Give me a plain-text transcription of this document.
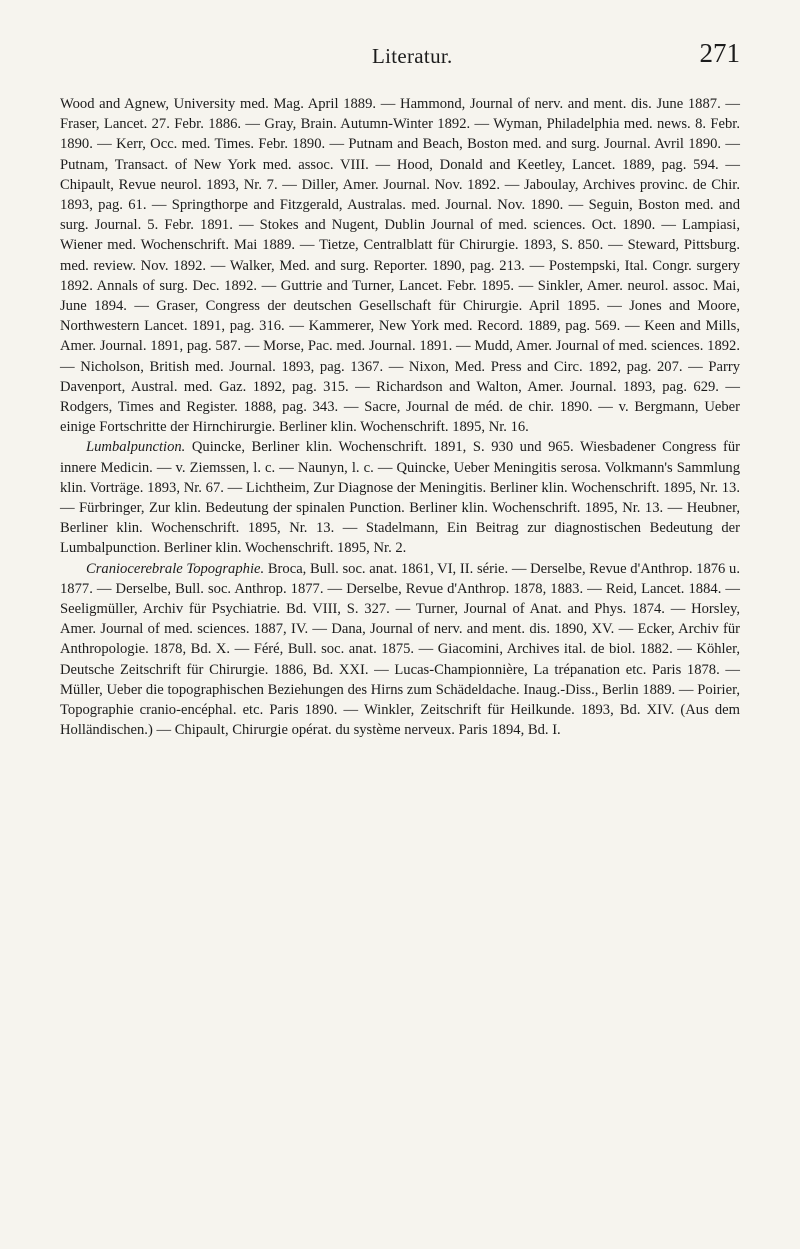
Literatur.	271

Wood and Agnew, University med. Mag. April 1889. — Hammond, Journal of nerv. and ment. dis. June 1887. — Fraser, Lancet. 27. Febr. 1886. — Gray, Brain. Autumn-Winter 1892. — Wyman, Philadelphia med. news. 8. Febr. 1890. — Kerr, Occ. med. Times. Febr. 1890. — Putnam and Beach, Boston med. and surg. Journal. Avril 1890. — Putnam, Transact. of New York med. assoc. VIII. — Hood, Donald and Keetley, Lancet. 1889, pag. 594. — Chipault, Revue neurol. 1893, Nr. 7. — Diller, Amer. Journal. Nov. 1892. — Jaboulay, Archives provinc. de Chir. 1893, pag. 61. — Springthorpe and Fitzgerald, Australas. med. Journal. Nov. 1890. — Seguin, Boston med. and surg. Journal. 5. Febr. 1891. — Stokes and Nugent, Dublin Journal of med. sciences. Oct. 1890. — Lampiasi, Wiener med. Wochenschrift. Mai 1889. — Tietze, Centralblatt für Chirurgie. 1893, S. 850. — Steward, Pittsburg. med. review. Nov. 1892. — Walker, Med. and surg. Reporter. 1890, pag. 213. — Postempski, Ital. Congr. surgery 1892. Annals of surg. Dec. 1892. — Guttrie and Turner, Lancet. Febr. 1895. — Sinkler, Amer. neurol. assoc. Mai, June 1894. — Graser, Congress der deutschen Gesellschaft für Chirurgie. April 1895. — Jones and Moore, Northwestern Lancet. 1891, pag. 316. — Kammerer, New York med. Record. 1889, pag. 569. — Keen and Mills, Amer. Journal. 1891, pag. 587. — Morse, Pac. med. Journal. 1891. — Mudd, Amer. Journal of med. sciences. 1892. — Nicholson, British med. Journal. 1893, pag. 1367. — Nixon, Med. Press and Circ. 1892, pag. 207. — Parry Davenport, Austral. med. Gaz. 1892, pag. 315. — Richardson and Walton, Amer. Journal. 1893, pag. 629. — Rodgers, Times and Register. 1888, pag. 343. — Sacre, Journal de méd. de chir. 1890. — v. Bergmann, Ueber einige Fortschritte der Hirnchirurgie. Berliner klin. Wochenschrift. 1895, Nr. 16.

Lumbalpunction. Quincke, Berliner klin. Wochenschrift. 1891, S. 930 und 965. Wiesbadener Congress für innere Medicin. — v. Ziemssen, l. c. — Naunyn, l. c. — Quincke, Ueber Meningitis serosa. Volkmann's Sammlung klin. Vorträge. 1893, Nr. 67. — Lichtheim, Zur Diagnose der Meningitis. Berliner klin. Wochenschrift. 1895, Nr. 13. — Fürbringer, Zur klin. Bedeutung der spinalen Punction. Berliner klin. Wochenschrift. 1895, Nr. 13. — Heubner, Berliner klin. Wochenschrift. 1895, Nr. 13. — Stadelmann, Ein Beitrag zur diagnostischen Bedeutung der Lumbalpunction. Berliner klin. Wochenschrift. 1895, Nr. 2.

Craniocerebrale Topographie. Broca, Bull. soc. anat. 1861, VI, II. série. — Derselbe, Revue d'Anthrop. 1876 u. 1877. — Derselbe, Bull. soc. Anthrop. 1877. — Derselbe, Revue d'Anthrop. 1878, 1883. — Reid, Lancet. 1884. — Seeligmüller, Archiv für Psychiatrie. Bd. VIII, S. 327. — Turner, Journal of Anat. and Phys. 1874. — Horsley, Amer. Journal of med. sciences. 1887, IV. — Dana, Journal of nerv. and ment. dis. 1890, XV. — Ecker, Archiv für Anthropologie. 1878, Bd. X. — Féré, Bull. soc. anat. 1875. — Giacomini, Archives ital. de biol. 1882. — Köhler, Deutsche Zeitschrift für Chirurgie. 1886, Bd. XXI. — Lucas-Championnière, La trépanation etc. Paris 1878. — Müller, Ueber die topographischen Beziehungen des Hirns zum Schädeldache. Inaug.-Diss., Berlin 1889. — Poirier, Topographie cranio-encéphal. etc. Paris 1890. — Winkler, Zeitschrift für Heilkunde. 1893, Bd. XIV. (Aus dem Holländischen.) — Chipault, Chirurgie opérat. du système nerveux. Paris 1894, Bd. I.
